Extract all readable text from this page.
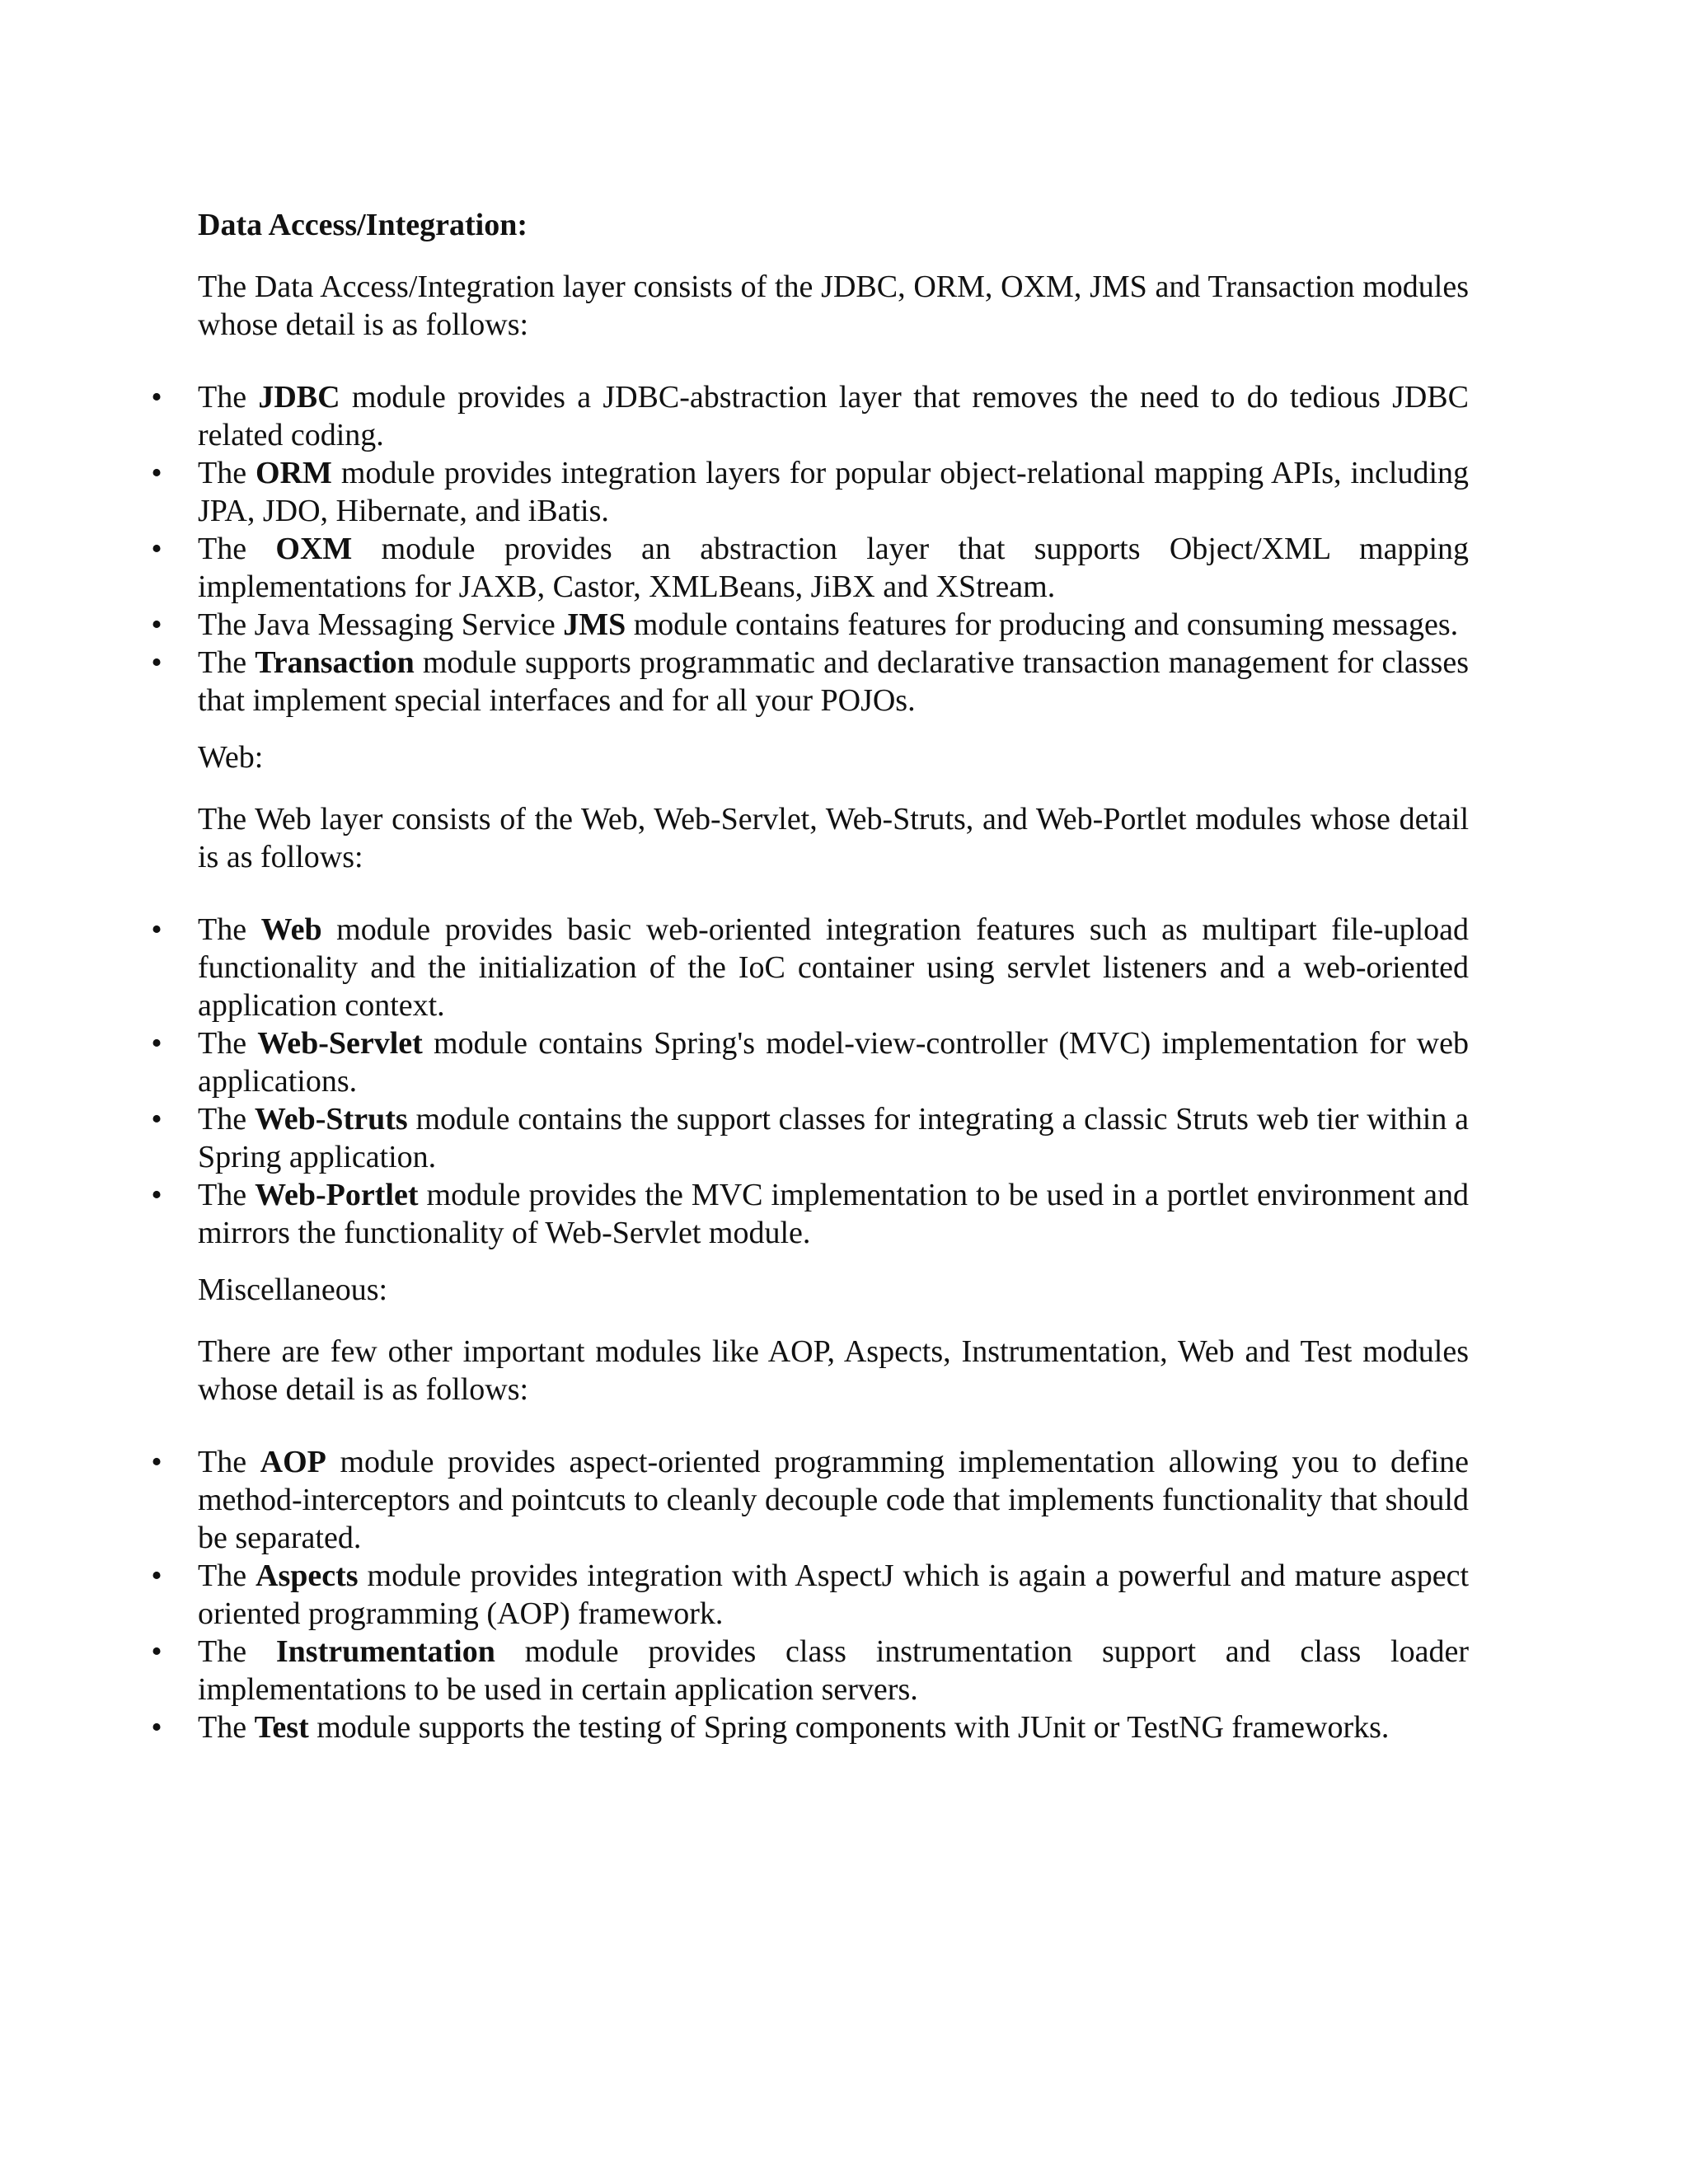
Data Access/Integration:

The Data Access/Integration layer consists of the JDBC, ORM, OXM, JMS and Transaction modules whose detail is as follows:

• The JDBC module provides a JDBC-abstraction layer that removes the need to do tedious JDBC related coding.
• The ORM module provides integration layers for popular object-relational mapping APIs, including JPA, JDO, Hibernate, and iBatis.
• The OXM module provides an abstraction layer that supports Object/XML mapping implementations for JAXB, Castor, XMLBeans, JiBX and XStream.
• The Java Messaging Service JMS module contains features for producing and consuming messages.
• The Transaction module supports programmatic and declarative transaction management for classes that implement special interfaces and for all your POJOs.
Web:

The Web layer consists of the Web, Web-Servlet, Web-Struts, and Web-Portlet modules whose detail is as follows:

• The Web module provides basic web-oriented integration features such as multipart file-upload functionality and the initialization of the IoC container using servlet listeners and a web-oriented application context.
• The Web-Servlet module contains Spring's model-view-controller (MVC) implementation for web applications.
• The Web-Struts module contains the support classes for integrating a classic Struts web tier within a Spring application.
• The Web-Portlet module provides the MVC implementation to be used in a portlet environment and mirrors the functionality of Web-Servlet module.
Miscellaneous:

There are few other important modules like AOP, Aspects, Instrumentation, Web and Test modules whose detail is as follows:

• The AOP module provides aspect-oriented programming implementation allowing you to define method-interceptors and pointcuts to cleanly decouple code that implements functionality that should be separated.
• The Aspects module provides integration with AspectJ which is again a powerful and mature aspect oriented programming (AOP) framework.
• The Instrumentation module provides class instrumentation support and class loader implementations to be used in certain application servers.
• The Test module supports the testing of Spring components with JUnit or TestNG frameworks.
